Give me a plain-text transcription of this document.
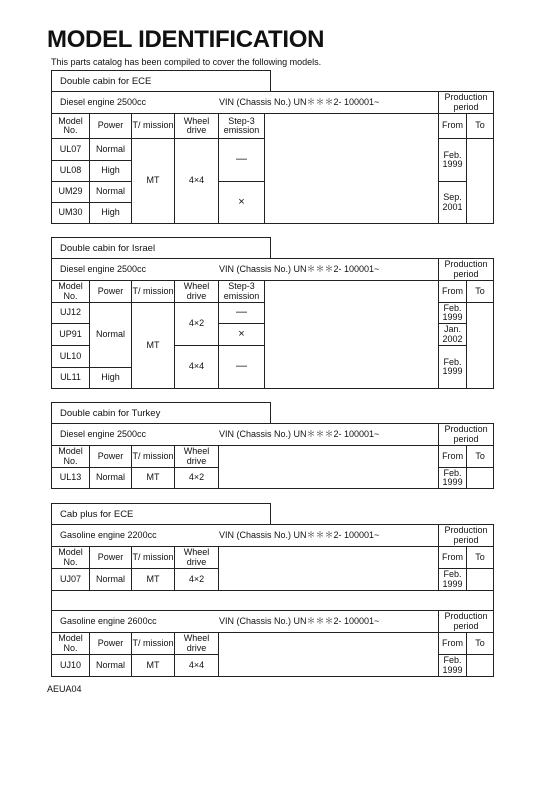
MODEL IDENTIFICATION
This parts catalog has been compiled to cover the following models.
Double cabin for ECE
Diesel engine 2500cc VIN (Chassis No.) UN＊＊＊2- 100001~						Production period	
Model No.	Power	T/ mission	Wheel drive	Step-3 emission		From	To
UL07	Normal	MT	4×4	—		Feb. 1999	
UL08	High						
UM29	Normal			×		Sep. 2001	
UM30	High						
Double cabin for Israel
Diesel engine 2500cc VIN (Chassis No.) UN＊＊＊2- 100001~						Production period	
Model No.	Power	T/ mission	Wheel drive	Step-3 emission		From	To
UJ12	Normal	MT	4×2	—		Feb. 1999	
UP91				×		Jan. 2002	
UL10			4×4	—		Feb. 1999	
UL11	High						
Double cabin for Turkey
Diesel engine 2500cc VIN (Chassis No.) UN＊＊＊2- 100001~					Production period	
Model No.	Power	T/ mission	Wheel drive		From	To
UL13	Normal	MT	4×2		Feb. 1999	
Cab plus for ECE
Gasoline engine 2200cc VIN (Chassis No.) UN＊＊＊2- 100001~					Production period	
Model No.	Power	T/ mission	Wheel drive		From	To
UJ07	Normal	MT	4×2		Feb. 1999	

Gasoline engine 2600cc VIN (Chassis No.) UN＊＊＊2- 100001~					Production period	
Model No.	Power	T/ mission	Wheel drive		From	To
UJ10	Normal	MT	4×4		Feb. 1999	
AEUA04
